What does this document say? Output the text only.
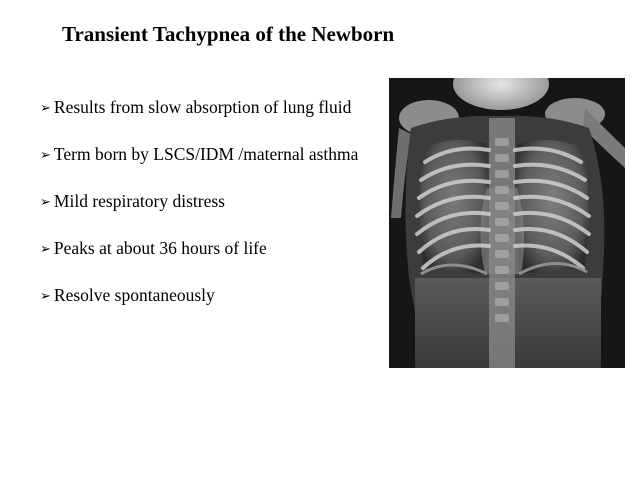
Transient Tachypnea of the Newborn
➢ Results from slow absorption of lung fluid
➢ Term born by LSCS/IDM /maternal asthma
➢ Mild respiratory distress
➢ Peaks at about 36 hours of life
➢ Resolve spontaneously
